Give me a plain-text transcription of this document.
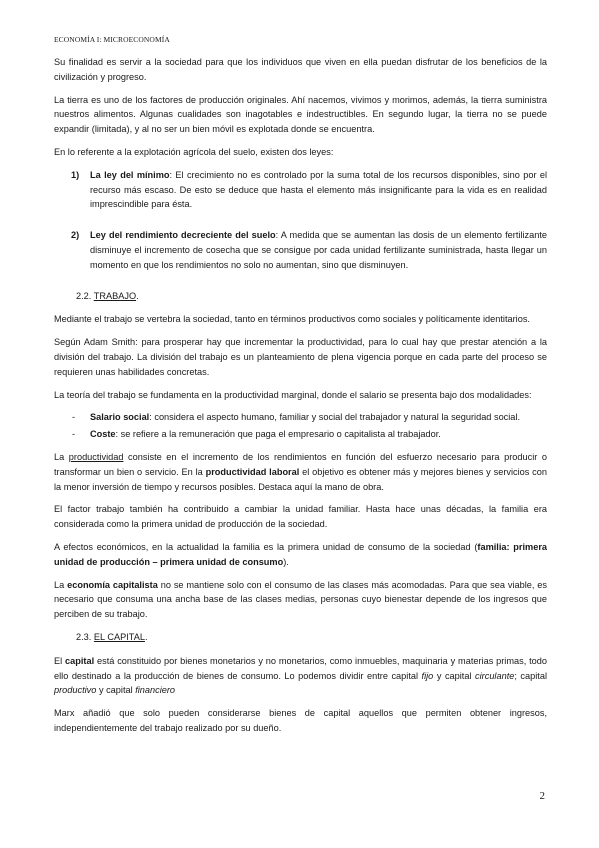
ECONOMÍA I: MICROECONOMÍA

Su finalidad es servir a la sociedad para que los individuos que viven en ella puedan disfrutar de los beneficios de la civilización y progreso.

La tierra es uno de los factores de producción originales. Ahí nacemos, vivimos y morimos, además, la tierra suministra nuestros alimentos. Algunas cualidades son inagotables e indestructibles. En segundo lugar, la tierra no se puede expandir (limitada), y al no ser un bien móvil es explotada donde se encuentra.

En lo referente a la explotación agrícola del suelo, existen dos leyes:

1) La ley del mínimo: El crecimiento no es controlado por la suma total de los recursos disponibles, sino por el recurso más escaso. De esto se deduce que hasta el elemento más insignificante para la vida es en realidad imprescindible para ésta.
2) Ley del rendimiento decreciente del suelo: A medida que se aumentan las dosis de un elemento fertilizante disminuye el incremento de cosecha que se consigue por cada unidad fertilizante suministrada, hasta llegar un momento en que los rendimientos no solo no aumentan, sino que disminuyen.
2.2. TRABAJO.

Mediante el trabajo se vertebra la sociedad, tanto en términos productivos como sociales y políticamente identitarios.

Según Adam Smith: para prosperar hay que incrementar la productividad, para lo cual hay que prestar atención a la división del trabajo. La división del trabajo es un planteamiento de plena vigencia porque en cada parte del proceso se requieren unas habilidades concretas.

La teoría del trabajo se fundamenta en la productividad marginal, donde el salario se presenta bajo dos modalidades:

- Salario social: considera el aspecto humano, familiar y social del trabajador y natural la seguridad social.
- Coste: se refiere a la remuneración que paga el empresario o capitalista al trabajador.

La productividad consiste en el incremento de los rendimientos en función del esfuerzo necesario para producir o transformar un bien o servicio. En la productividad laboral el objetivo es obtener más y mejores bienes y servicios con la menor inversión de tiempo y recursos posibles. Destaca aquí la mano de obra.

El factor trabajo también ha contribuido a cambiar la unidad familiar. Hasta hace unas décadas, la familia era considerada como la primera unidad de producción de la sociedad.

A efectos económicos, en la actualidad la familia es la primera unidad de consumo de la sociedad (familia: primera unidad de producción – primera unidad de consumo).

La economía capitalista no se mantiene solo con el consumo de las clases más acomodadas. Para que sea viable, es necesario que consuma una ancha base de las clases medias, personas cuyo bienestar depende de los ingresos que perciben de su trabajo.

2.3. EL CAPITAL.

El capital está constituido por bienes monetarios y no monetarios, como inmuebles, maquinaria y materias primas, todo ello destinado a la producción de bienes de consumo. Lo podemos dividir entre capital fijo y capital circulante; capital productivo y capital financiero

Marx añadió que solo pueden considerarse bienes de capital aquellos que permiten obtener ingresos, independientemente del trabajo realizado por su dueño.

2
